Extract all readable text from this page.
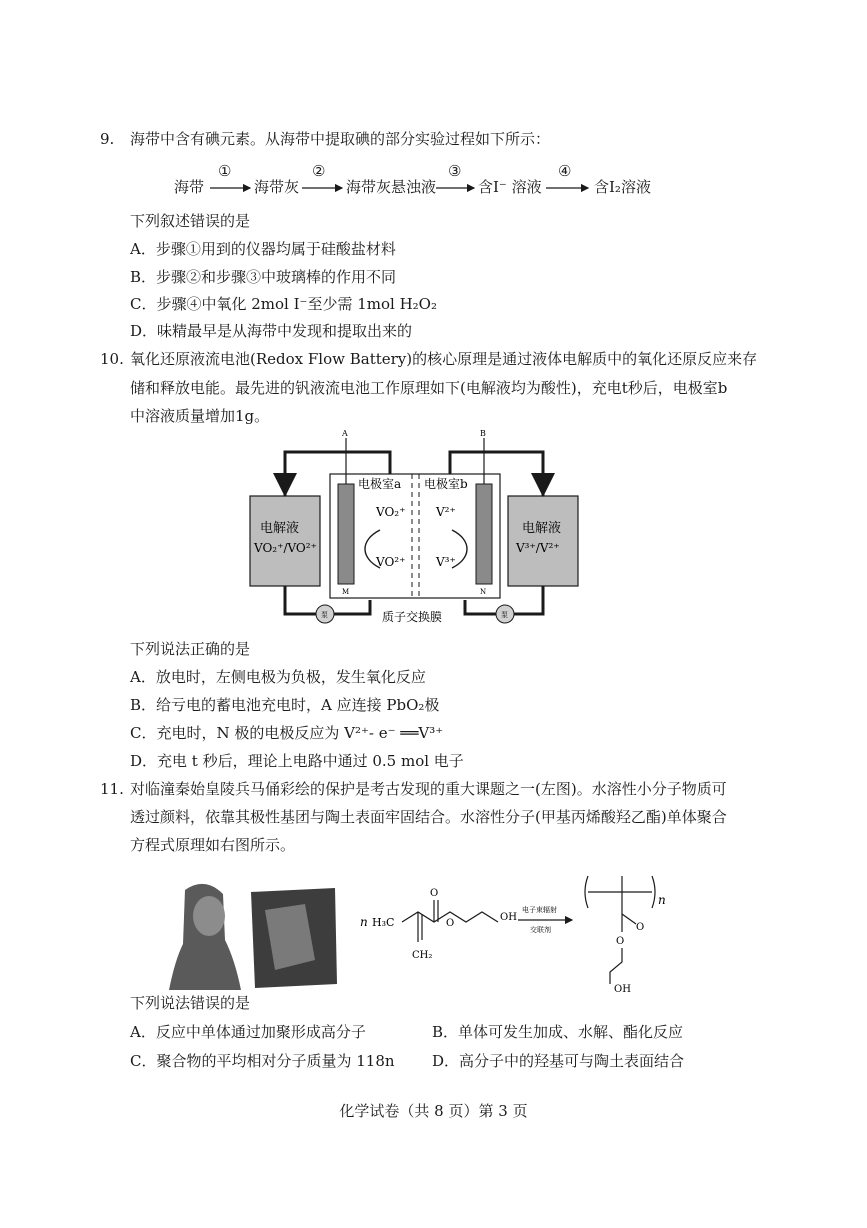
9. 海带中含有碘元素。从海带中提取碘的部分实验过程如下所示：
海带	海带灰	海带灰悬浊液	含I⁻ 溶液	含I₂溶液
①	②	③	④
下列叙述错误的是
A．步骤①用到的仪器均属于硅酸盐材料
B．步骤②和步骤③中玻璃棒的作用不同
C．步骤④中氧化 2mol I⁻至少需 1mol H₂O₂
D．味精最早是从海带中发现和提取出来的
10. 氧化还原液流电池(Redox Flow Battery)的核心原理是通过液体电解质中的氧化还原反应来存
储和释放电能。最先进的钒液流电池工作原理如下(电解液均为酸性)，充电t秒后，电极室b
中溶液质量增加1g。
A	B
电极室a 电极室b
VO₂⁺
VO²⁺
V²⁺
V³⁺
电解液
VO₂⁺/VO²⁺
电解液
V³⁺/V²⁺
M	N
质子交换膜
泵	泵
下列说法正确的是
A．放电时，左侧电极为负极，发生氧化反应
B．给亏电的蓄电池充电时，A 应连接 PbO₂极
C．充电时，N 极的电极反应为 V²⁺- e⁻ ══V³⁺
D．充电 t 秒后，理论上电路中通过 0.5 mol 电子
11. 对临潼秦始皇陵兵马俑彩绘的保护是考古发现的重大课题之一(左图)。水溶性小分子物质可
透过颜料，依靠其极性基团与陶土表面牢固结合。水溶性分子(甲基丙烯酸羟乙酯)单体聚合
方程式原理如右图所示。
n H₃C
CH₂
O
O
OH
电子束辐射
交联剂
n
O
O
OH
下列说法错误的是
A．反应中单体通过加聚形成高分子	B．单体可发生加成、水解、酯化反应
C．聚合物的平均相对分子质量为 118n D．高分子中的羟基可与陶土表面结合
化学试卷（共 8 页）第 3 页
